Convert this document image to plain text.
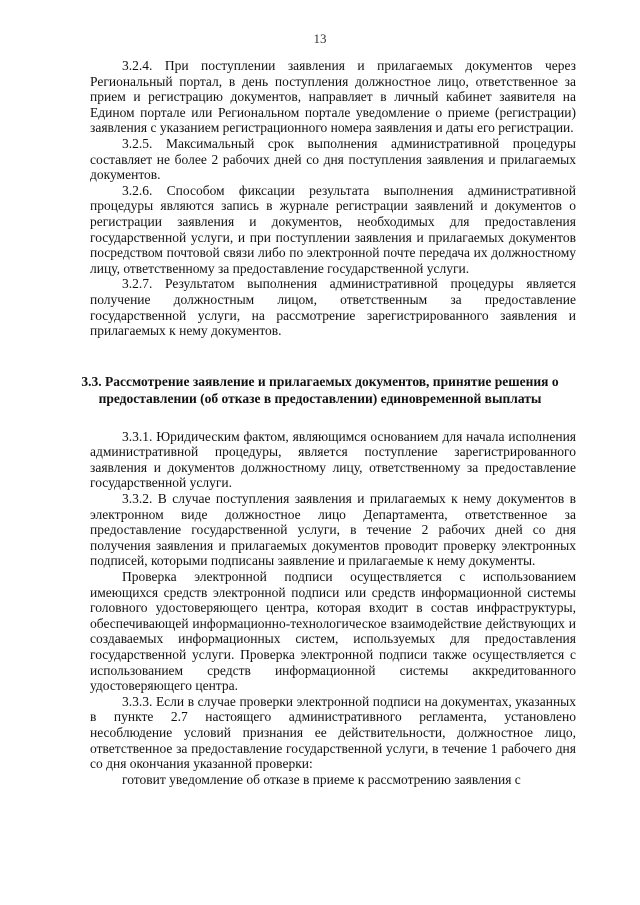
13

3.2.4. При поступлении заявления и прилагаемых документов через Региональный портал, в день поступления должностное лицо, ответственное за прием и регистрацию документов, направляет в личный кабинет заявителя на Едином портале или Региональном портале уведомление о приеме (регистрации) заявления с указанием регистрационного номера заявления и даты его регистрации.

3.2.5. Максимальный срок выполнения административной процедуры составляет не более 2 рабочих дней со дня поступления заявления и прилагаемых документов.

3.2.6. Способом фиксации результата выполнения административной процедуры являются запись в журнале регистрации заявлений и документов о регистрации заявления и документов, необходимых для предоставления государственной услуги, и при поступлении заявления и прилагаемых документов посредством почтовой связи либо по электронной почте передача их должностному лицу, ответственному за предоставление государственной услуги.

3.2.7. Результатом выполнения административной процедуры является получение должностным лицом, ответственным за предоставление государственной услуги, на рассмотрение зарегистрированного заявления и прилагаемых к нему документов.

3.3. Рассмотрение заявление и прилагаемых документов, принятие решения о предоставлении (об отказе в предоставлении) единовременной выплаты

3.3.1. Юридическим фактом, являющимся основанием для начала исполнения административной процедуры, является поступление зарегистрированного заявления и документов должностному лицу, ответственному за предоставление государственной услуги.

3.3.2. В случае поступления заявления и прилагаемых к нему документов в электронном виде должностное лицо Департамента, ответственное за предоставление государственной услуги, в течение 2 рабочих дней со дня получения заявления и прилагаемых документов проводит проверку электронных подписей, которыми подписаны заявление и прилагаемые к нему документы.

Проверка электронной подписи осуществляется с использованием имеющихся средств электронной подписи или средств информационной системы головного удостоверяющего центра, которая входит в состав инфраструктуры, обеспечивающей информационно-технологическое взаимодействие действующих и создаваемых информационных систем, используемых для предоставления государственной услуги. Проверка электронной подписи также осуществляется с использованием средств информационной системы аккредитованного удостоверяющего центра.

3.3.3. Если в случае проверки электронной подписи на документах, указанных в пункте 2.7 настоящего административного регламента, установлено несоблюдение условий признания ее действительности, должностное лицо, ответственное за предоставление государственной услуги, в течение 1 рабочего дня со дня окончания указанной проверки:

готовит уведомление об отказе в приеме к рассмотрению заявления с
